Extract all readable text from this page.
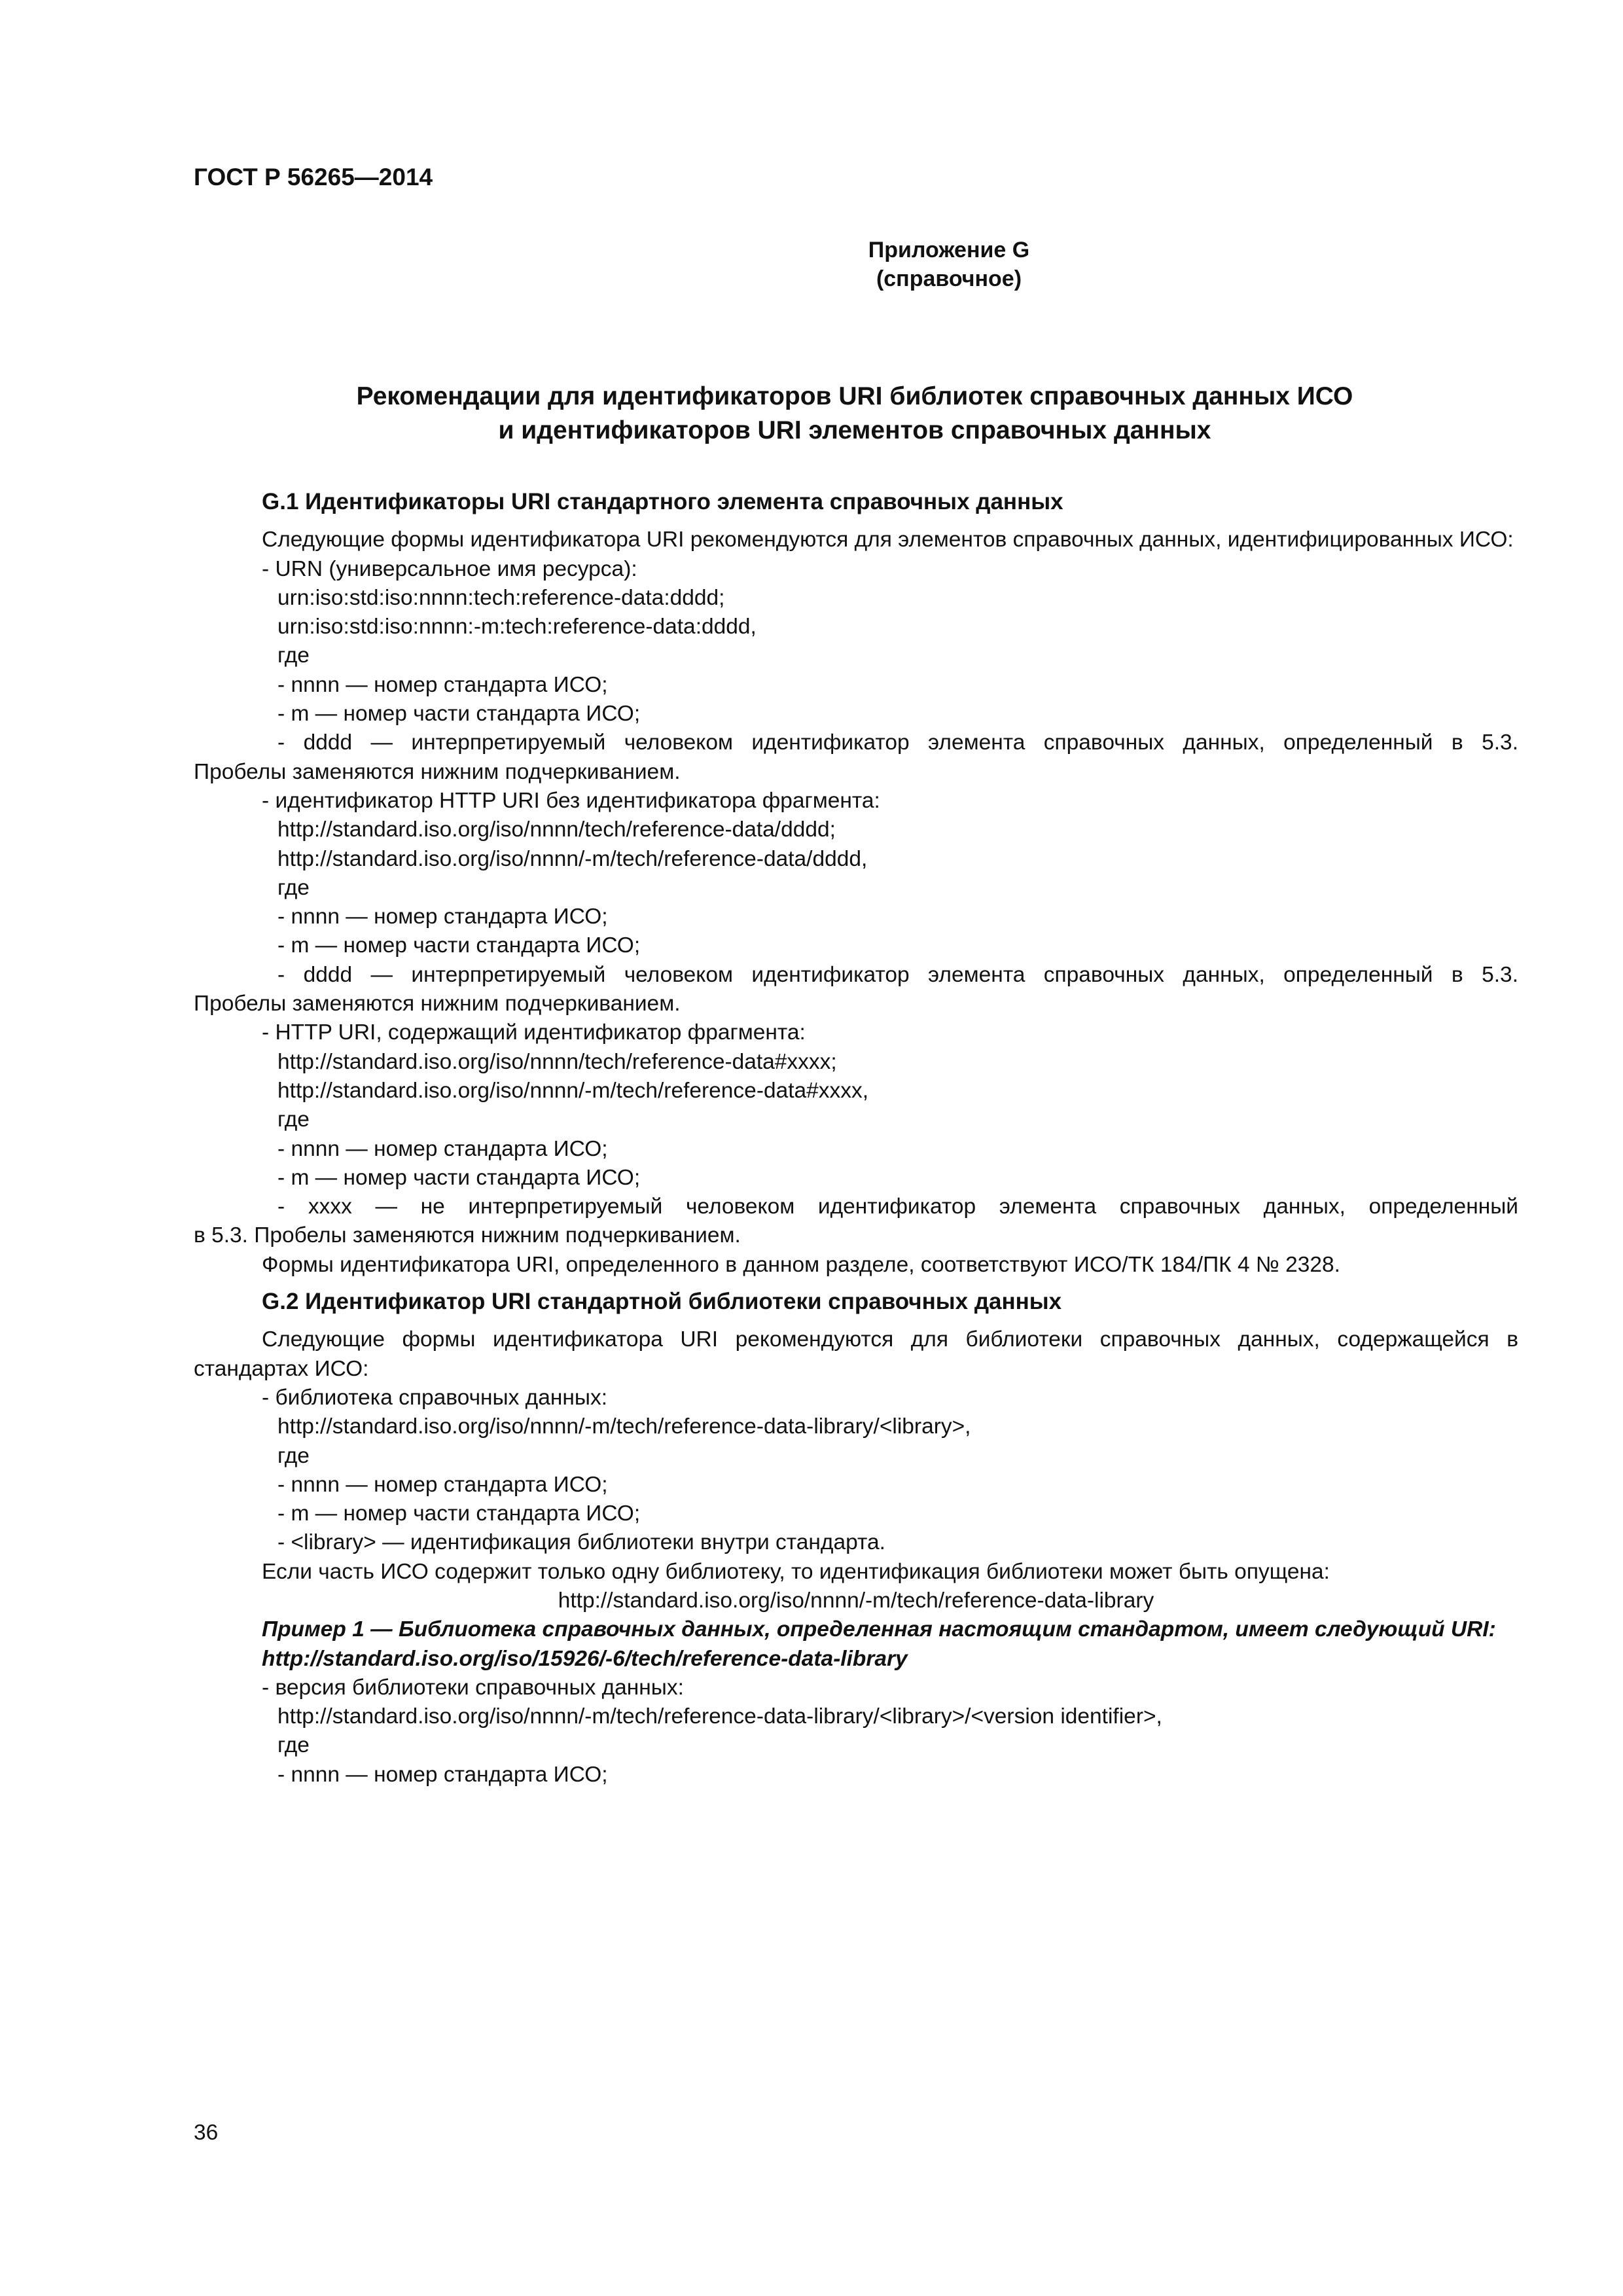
ГОСТ Р 56265—2014
Приложение G
(справочное)
Рекомендации для идентификаторов URI библиотек справочных данных ИСО
и идентификаторов URI элементов справочных данных

G.1 Идентификаторы URI стандартного элемента справочных данных

Следующие формы идентификатора URI рекомендуются для элементов справочных данных, идентифицированных ИСО:

- URN (универсальное имя ресурса):

urn:iso:std:iso:nnnn:tech:reference-data:dddd;

urn:iso:std:iso:nnnn:-m:tech:reference-data:dddd,

где

- nnnn — номер стандарта ИСО;

- m — номер части стандарта ИСО;

- dddd — интерпретируемый человеком идентификатор элемента справочных данных, определенный в 5.3.

Пробелы заменяются нижним подчеркиванием.

- идентификатор HTTP URI без идентификатора фрагмента:

http://standard.iso.org/iso/nnnn/tech/reference-data/dddd;

http://standard.iso.org/iso/nnnn/-m/tech/reference-data/dddd,

где

- nnnn — номер стандарта ИСО;

- m — номер части стандарта ИСО;

- dddd — интерпретируемый человеком идентификатор элемента справочных данных, определенный в 5.3.

Пробелы заменяются нижним подчеркиванием.

- HTTP URI, содержащий идентификатор фрагмента:

http://standard.iso.org/iso/nnnn/tech/reference-data#xxxx;

http://standard.iso.org/iso/nnnn/-m/tech/reference-data#xxxx,

где

- nnnn — номер стандарта ИСО;

- m — номер части стандарта ИСО;

- xxxx — не интерпретируемый человеком идентификатор элемента справочных данных, определенный

в 5.3. Пробелы заменяются нижним подчеркиванием.

Формы идентификатора URI, определенного в данном разделе, соответствуют ИСО/ТК 184/ПК 4 № 2328.

G.2 Идентификатор URI стандартной библиотеки справочных данных

Следующие формы идентификатора URI рекомендуются для библиотеки справочных данных, содержащейся в стандартах ИСО:

- библиотека справочных данных:

http://standard.iso.org/iso/nnnn/-m/tech/reference-data-library/<library>,

где

- nnnn — номер стандарта ИСО;

- m — номер части стандарта ИСО;

- <library> — идентификация библиотеки внутри стандарта.

Если часть ИСО содержит только одну библиотеку, то идентификация библиотеки может быть опущена:

http://standard.iso.org/iso/nnnn/-m/tech/reference-data-library

Пример 1 — Библиотека справочных данных, определенная настоящим стандартом, имеет следующий URI:

http://standard.iso.org/iso/15926/-6/tech/reference-data-library

- версия библиотеки справочных данных:

http://standard.iso.org/iso/nnnn/-m/tech/reference-data-library/<library>/<version identifier>,

где

- nnnn — номер стандарта ИСО;

36
